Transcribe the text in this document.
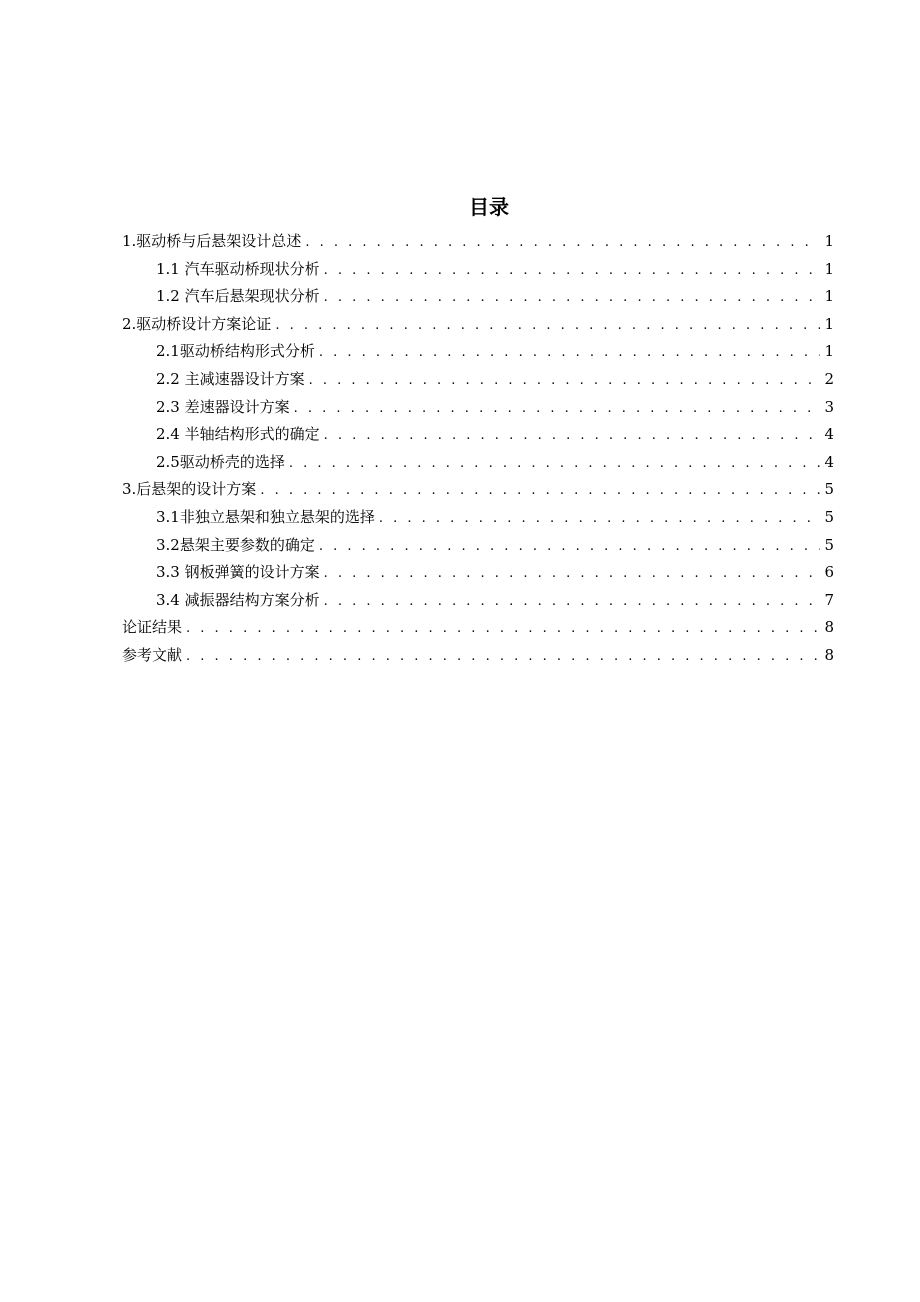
目录
1.驱动桥与后悬架设计总述 . . .	1
1.1 汽车驱动桥现状分析 . . .	1
1.2 汽车后悬架现状分析 . . .	1
2.驱动桥设计方案论证 . . .	1
2.1驱动桥结构形式分析 . . .	1
2.2 主减速器设计方案 . . .	2
2.3 差速器设计方案 . . .	3
2.4 半轴结构形式的确定 . . .	4
2.5驱动桥壳的选择 . . .	4
3.后悬架的设计方案 . . .	5
3.1非独立悬架和独立悬架的选择 . . .	5
3.2悬架主要参数的确定 . . .	5
3.3 钢板弹簧的设计方案 . . .	6
3.4 减振器结构方案分析 . . .	7
论证结果 . . .	8
参考文献 . . .	8
